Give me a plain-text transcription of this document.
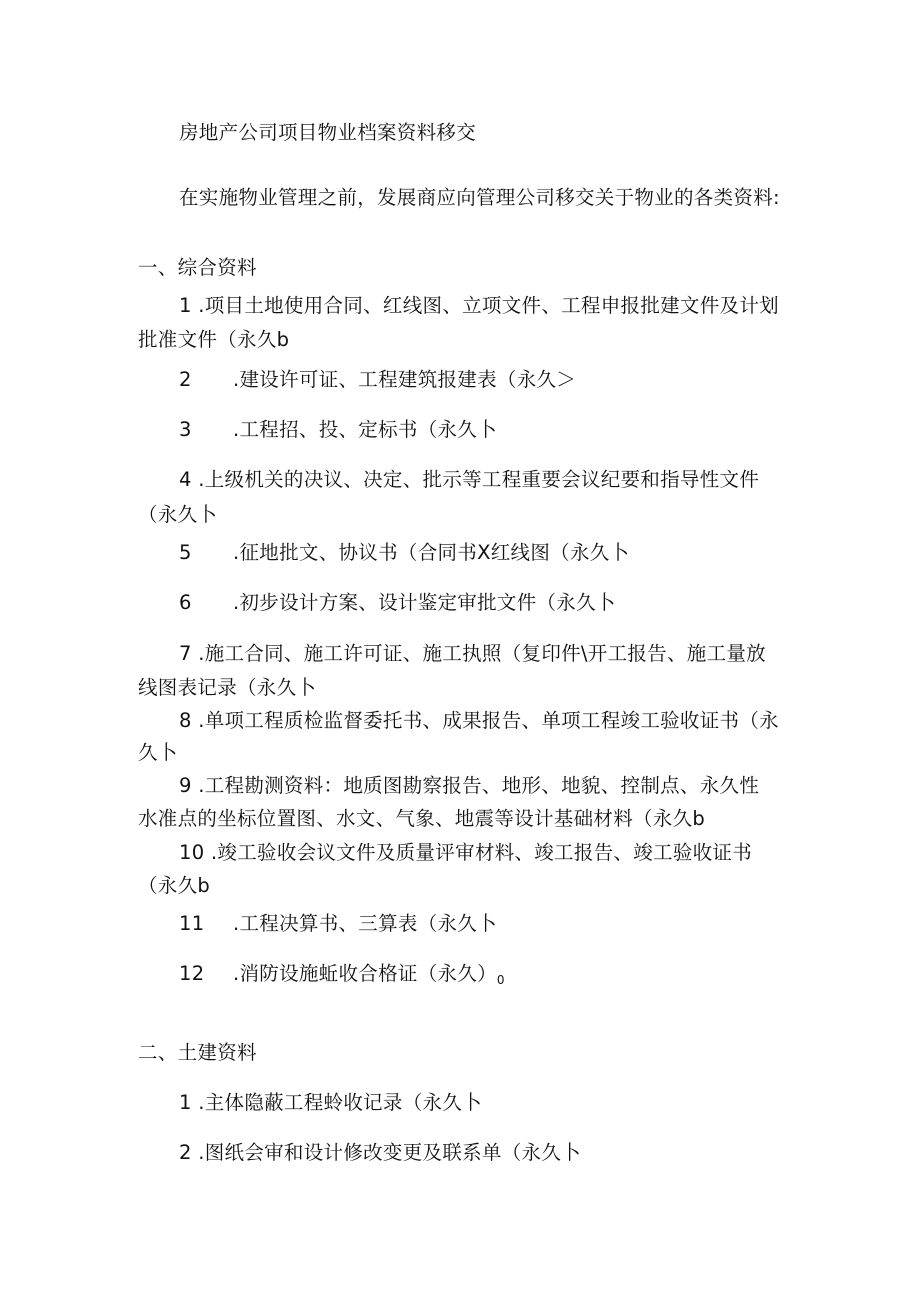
房地产公司项目物业档案资料移交
在实施物业管理之前，发展商应向管理公司移交关于物业的各类资料:
一、综合资料
1 .项目土地使用合同、红线图、立项文件、工程申报批建文件及计划
批准文件（永久b
2 .建设许可证、工程建筑报建表（永久＞
3 .工程招、投、定标书（永久卜
4 .上级机关的决议、决定、批示等工程重要会议纪要和指导性文件
（永久卜
5 .征地批文、协议书（合同书X红线图（永久卜
6 .初步设计方案、设计鉴定审批文件（永久卜
7 .施工合同、施工许可证、施工执照（复印件\开工报告、施工量放
线图表记录（永久卜
8 .单项工程质检监督委托书、成果报告、单项工程竣工验收证书（永
久卜
9 .工程勘测资料：地质图勘察报告、地形、地貌、控制点、永久性
水准点的坐标位置图、水文、气象、地震等设计基础材料（永久b
10 .竣工验收会议文件及质量评审材料、竣工报告、竣工验收证书
（永久b
11 .工程决算书、三算表（永久卜
12 .消防设施蚯收合格证（永久）$_0$
二、土建资料
1 .主体隐蔽工程蛉收记录（永久卜
2 .图纸会审和设计修改变更及联系单（永久卜
